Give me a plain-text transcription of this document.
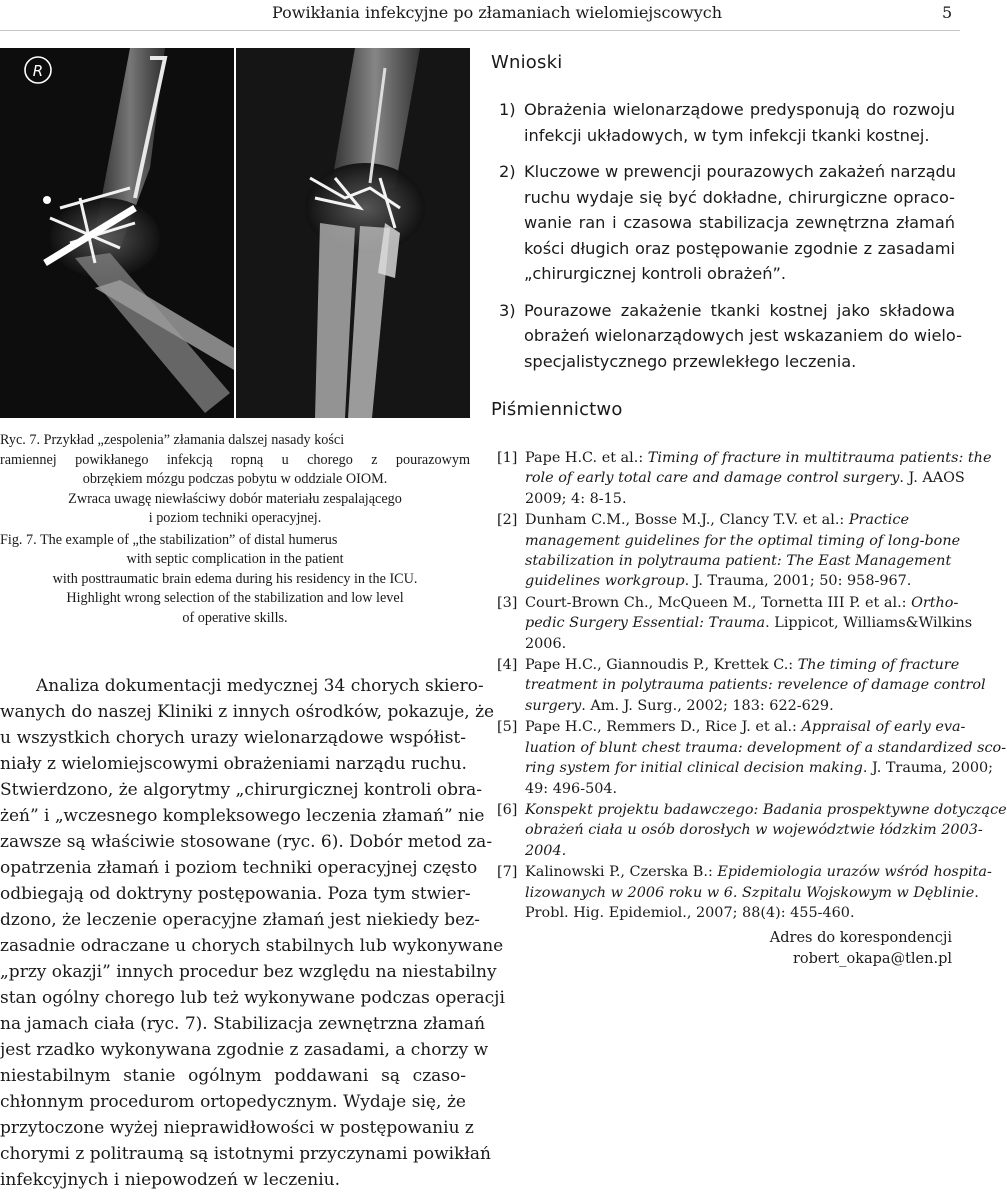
Powikłania infekcyjne po złamaniach wielomiejscowych	5
R
Ryc. 7. Przykład „zespolenia” złamania dalszej nasady kości
ramiennej powikłanego infekcją ropną u chorego z pourazowym
obrzękiem mózgu podczas pobytu w oddziale OIOM.
Zwraca uwagę niewłaściwy dobór materiału zespalającego
i poziom techniki operacyjnej.
Fig. 7. The example of „the stabilization” of distal humerus
with septic complication in the patient
with posttraumatic brain edema during his residency in the ICU.
Highlight wrong selection of the stabilization and low level
of operative skills.
Analiza dokumentacji medycznej 34 chorych skiero-
wanych do naszej Kliniki z innych ośrodków, pokazuje, że
u wszystkich chorych urazy wielonarządowe współist-
niały z wielomiejscowymi obrażeniami narządu ruchu.
Stwierdzono, że algorytmy „chirurgicznej kontroli obra-
żeń” i „wczesnego kompleksowego leczenia złamań” nie
zawsze są właściwie stosowane (ryc. 6). Dobór metod za-
opatrzenia złamań i poziom techniki operacyjnej często
odbiegają od doktryny postępowania. Poza tym stwier-
dzono, że leczenie operacyjne złamań jest niekiedy bez-
zasadnie odraczane u chorych stabilnych lub wykonywane
„przy okazji” innych procedur bez względu na niestabilny
stan ogólny chorego lub też wykonywane podczas operacji
na jamach ciała (ryc. 7). Stabilizacja zewnętrzna złamań
jest rzadko wykonywana zgodnie z zasadami, a chorzy w
niestabilnym stanie ogólnym poddawani są czaso-
chłonnym procedurom ortopedycznym. Wydaje się, że
przytoczone wyżej nieprawidłowości w postępowaniu z
chorymi z politraumą są istotnymi przyczynami powikłań
infekcyjnych i niepowodzeń w leczeniu.
Wnioski
1) Obrażenia wielonarządowe predysponują do rozwoju
infekcji układowych, w tym infekcji tkanki kostnej.
2) Kluczowe w prewencji pourazowych zakażeń narządu
ruchu wydaje się być dokładne, chirurgiczne opraco-
wanie ran i czasowa stabilizacja zewnętrzna złamań
kości długich oraz postępowanie zgodnie z zasadami
„chirurgicznej kontroli obrażeń”.
3) Pourazowe zakażenie tkanki kostnej jako składowa
obrażeń wielonarządowych jest wskazaniem do wielo-
specjalistycznego przewlekłego leczenia.
Piśmiennictwo
[1] Pape H.C. et al.: Timing of fracture in multitrauma patients: the
role of early total care and damage control surgery. J. AAOS
2009; 4: 8-15.
[2] Dunham C.M., Bosse M.J., Clancy T.V. et al.: Practice
management guidelines for the optimal timing of long-bone
stabilization in polytrauma patient: The East Management
guidelines workgroup. J. Trauma, 2001; 50: 958-967.
[3] Court-Brown Ch., McQueen M., Tornetta III P. et al.: Ortho-
pedic Surgery Essential: Trauma. Lippicot, Williams&Wilkins
2006.
[4] Pape H.C., Giannoudis P., Krettek C.: The timing of fracture
treatment in polytrauma patients: revelence of damage control
surgery. Am. J. Surg., 2002; 183: 622-629.
[5] Pape H.C., Remmers D., Rice J. et al.: Appraisal of early eva-
luation of blunt chest trauma: development of a standardized sco-
ring system for initial clinical decision making. J. Trauma, 2000;
49: 496-504.
[6] Konspekt projektu badawczego: Badania prospektywne dotyczące
obrażeń ciała u osób dorosłych w województwie łódzkim 2003-
2004.
[7] Kalinowski P., Czerska B.: Epidemiologia urazów wśród hospita-
lizowanych w 2006 roku w 6. Szpitalu Wojskowym w Dęblinie.
Probl. Hig. Epidemiol., 2007; 88(4): 455-460.
Adres do korespondencji
robert_okapa@tlen.pl
